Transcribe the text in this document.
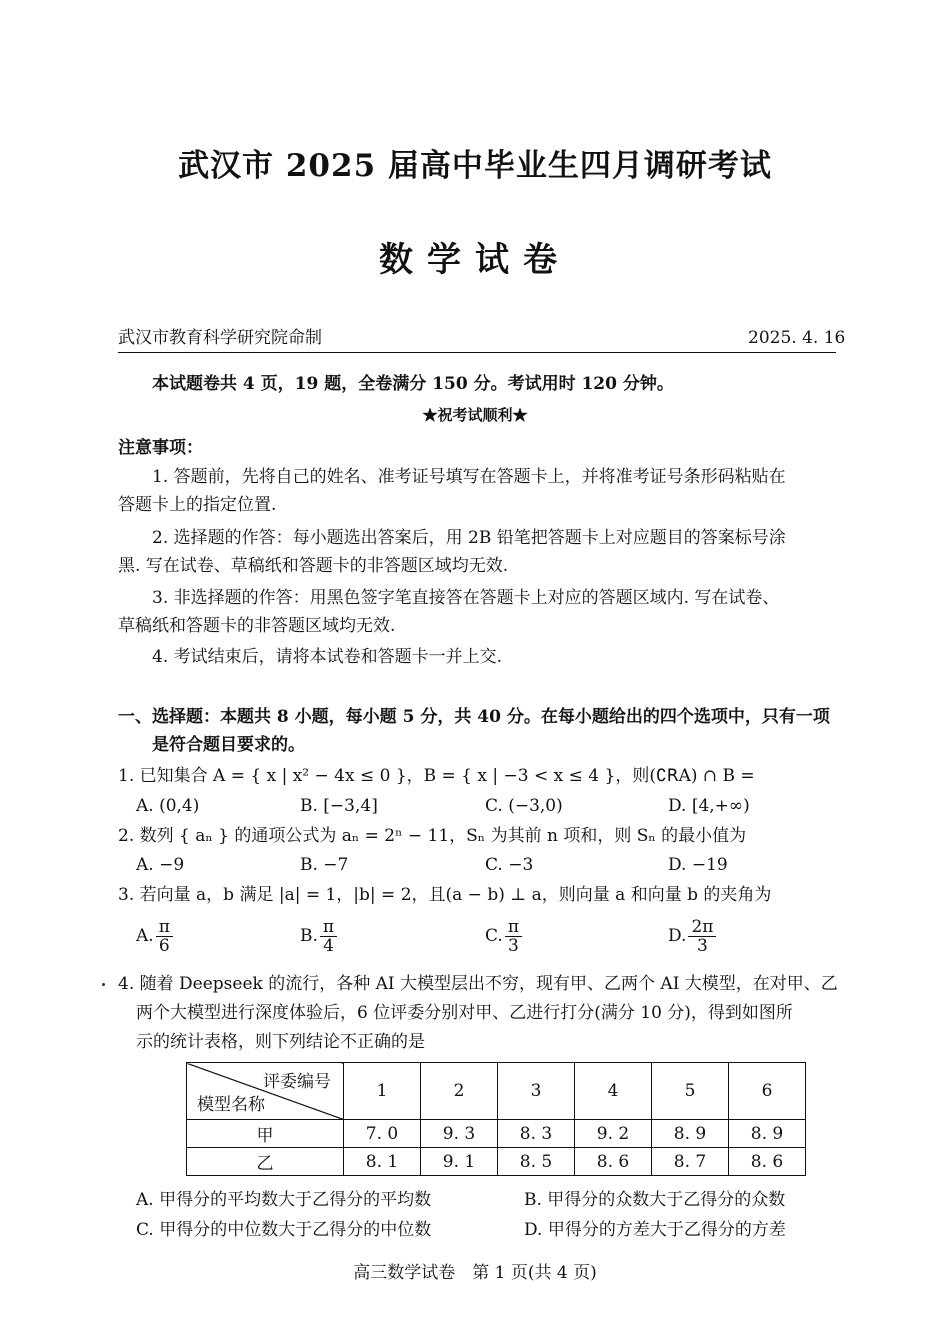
武汉市 2025 届高中毕业生四月调研考试
数学试卷
武汉市教育科学研究院命制	2025. 4. 16
本试题卷共 4 页，19 题，全卷满分 150 分。考试用时 120 分钟。
★祝考试顺利★
注意事项：
1. 答题前，先将自己的姓名、准考证号填写在答题卡上，并将准考证号条形码粘贴在
答题卡上的指定位置.
2. 选择题的作答：每小题选出答案后，用 2B 铅笔把答题卡上对应题目的答案标号涂
黑. 写在试卷、草稿纸和答题卡的非答题区域均无效.
3. 非选择题的作答：用黑色签字笔直接答在答题卡上对应的答题区域内. 写在试卷、
草稿纸和答题卡的非答题区域均无效.
4. 考试结束后，请将本试卷和答题卡一并上交.
一、选择题：本题共 8 小题，每小题 5 分，共 40 分。在每小题给出的四个选项中，只有一项
是符合题目要求的。
1. 已知集合 A = { x | x² − 4x ≤ 0 }，B = { x | −3 < x ≤ 4 }，则(∁ꓣA) ∩ B =
A. (0,4)	B. [−3,4]	C. (−3,0)	D. [4,+∞)
2. 数列 { aₙ } 的通项公式为 aₙ = 2ⁿ − 11，Sₙ 为其前 n 项和，则 Sₙ 的最小值为
A. −9	B. −7	C. −3	D. −19
3. 若向量 a，b 满足 |a| = 1，|b| = 2，且(a − b) ⊥ a，则向量 a 和向量 b 的夹角为
A. $\frac{\pi}{6}$	B. $\frac{\pi}{4}$	C. $\frac{\pi}{3}$	D. $\frac{2\pi}{3}$
4. 随着 Deepseek 的流行，各种 AI 大模型层出不穷，现有甲、乙两个 AI 大模型，在对甲、乙
两个大模型进行深度体验后，6 位评委分别对甲、乙进行打分(满分 10 分)，得到如图所
示的统计表格，则下列结论不正确的是
评委编号
模型名称	1	2	3	4	5	6
甲	7. 0	9. 3	8. 3	9. 2	8. 9	8. 9
乙	8. 1	9. 1	8. 5	8. 6	8. 7	8. 6
A. 甲得分的平均数大于乙得分的平均数	B. 甲得分的众数大于乙得分的众数
C. 甲得分的中位数大于乙得分的中位数	D. 甲得分的方差大于乙得分的方差
高三数学试卷　第 1 页(共 4 页)
